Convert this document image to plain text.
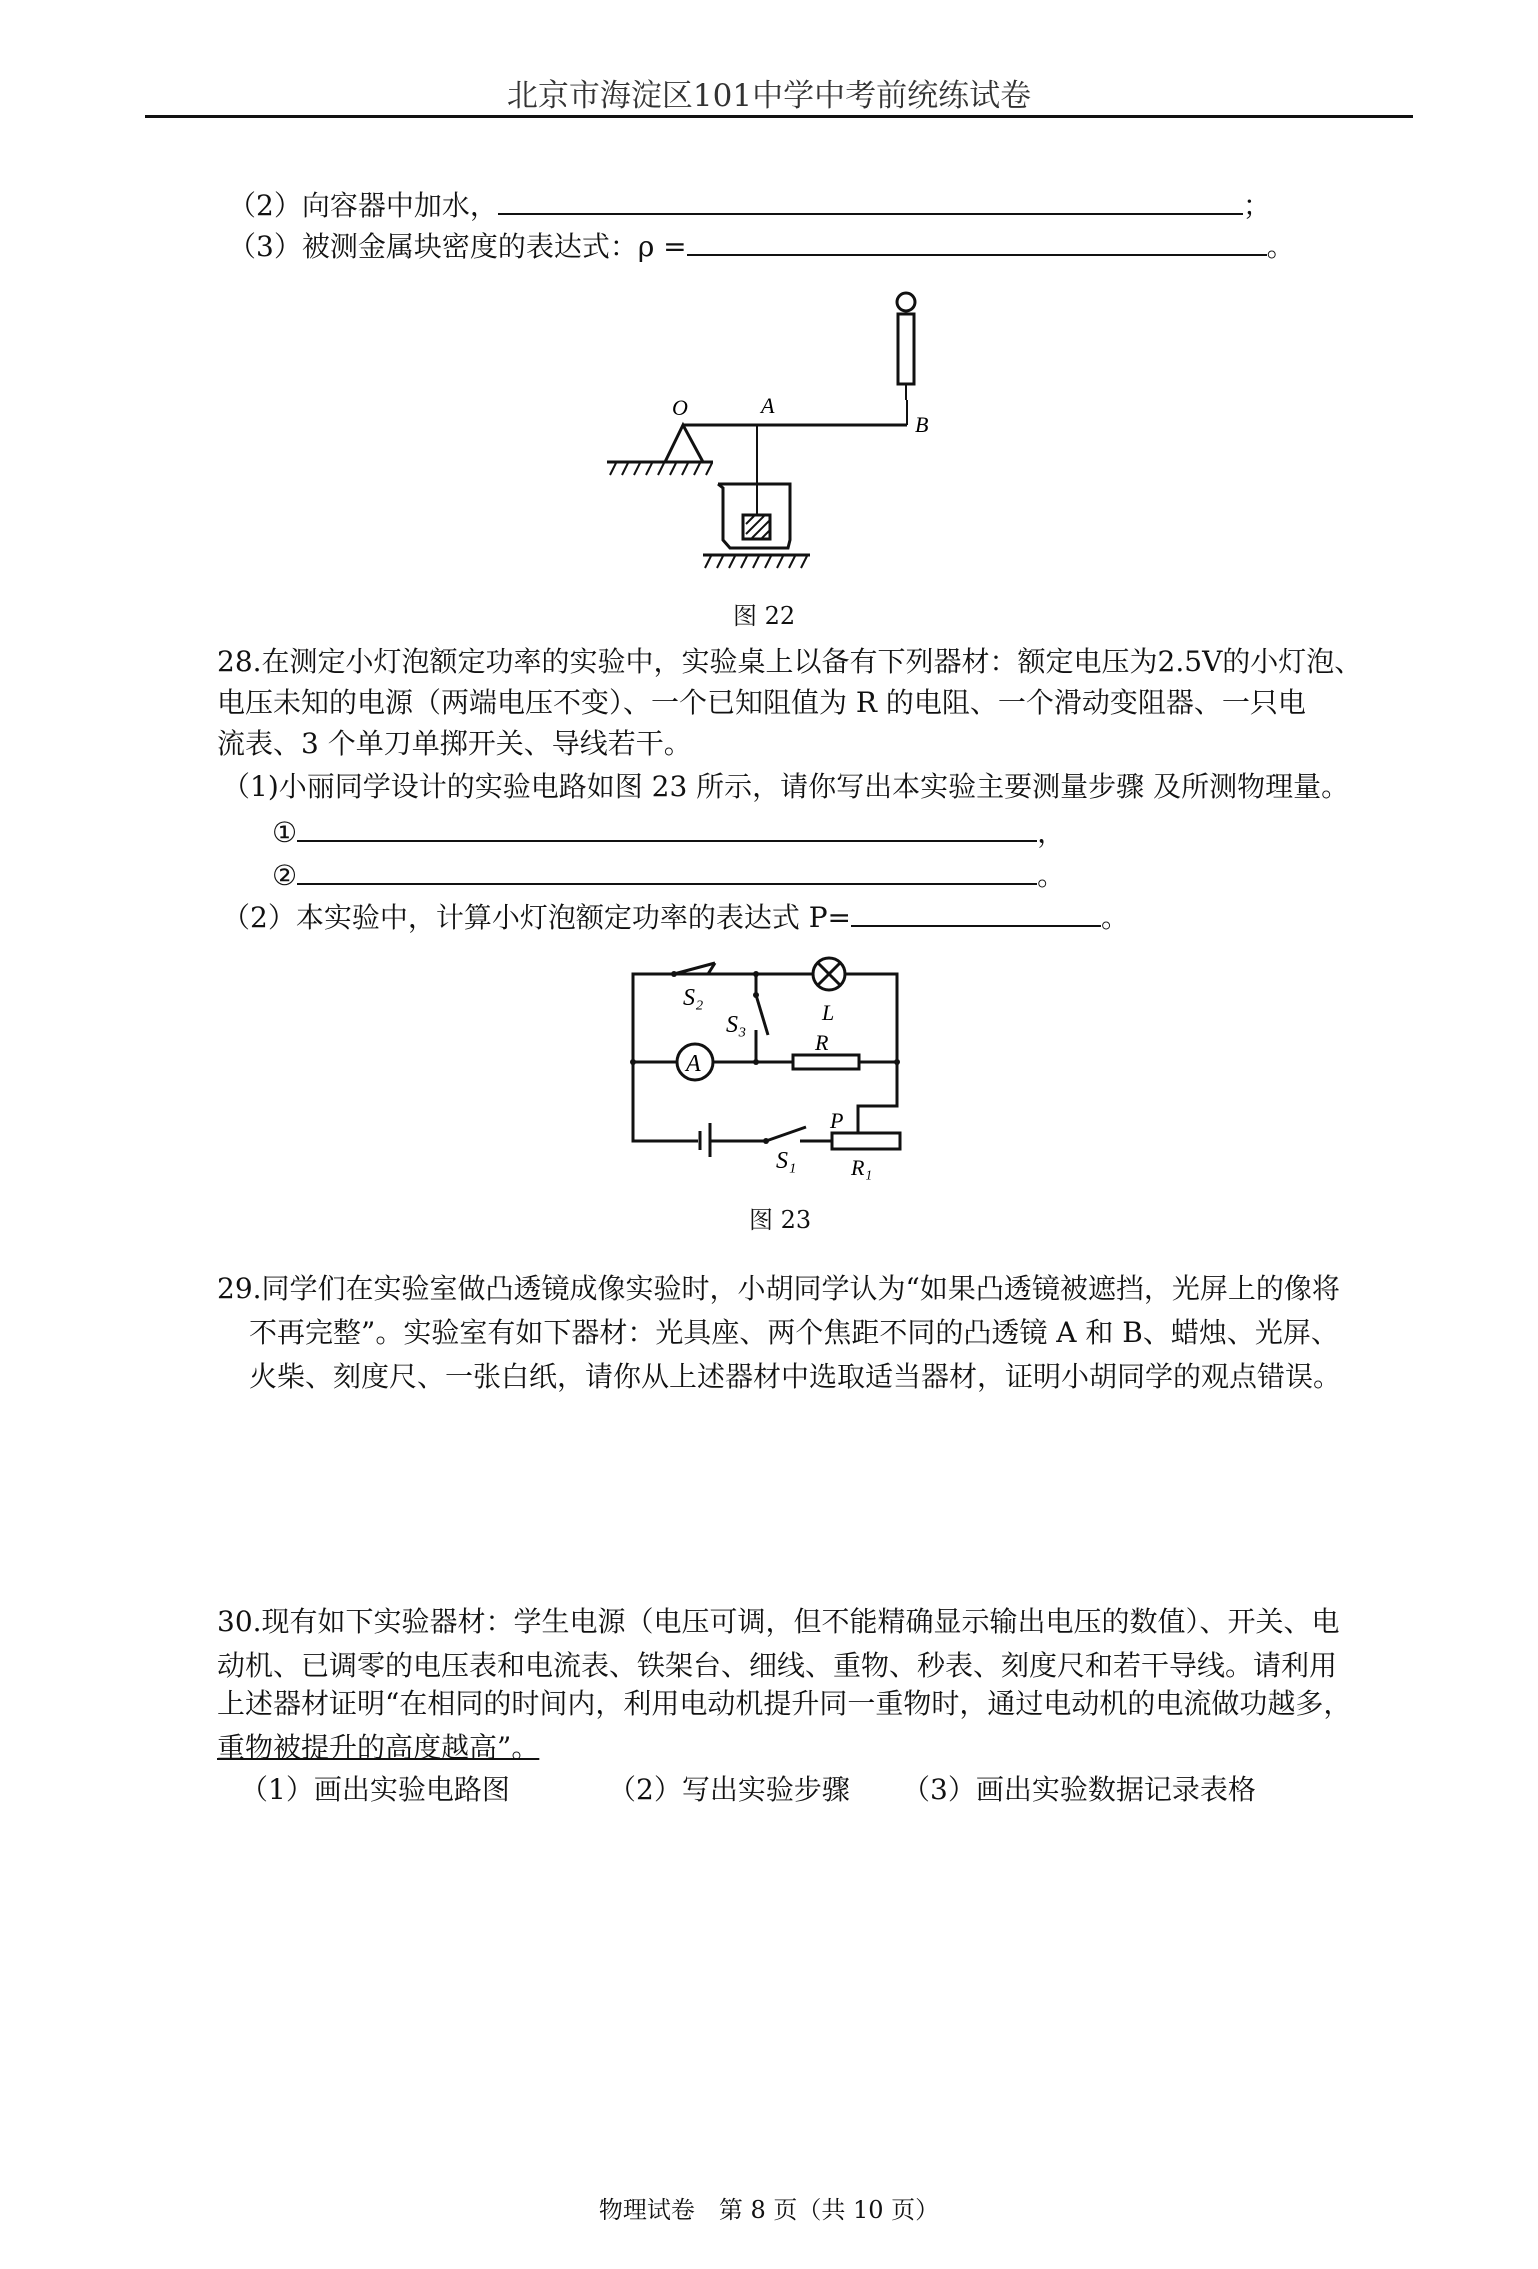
北京市海淀区101中学中考前统练试卷
（2）向容器中加水，	；
（3）被测金属块密度的表达式：ρ =	。
O	A
B
图 22
28.在测定小灯泡额定功率的实验中，实验桌上以备有下列器材：额定电压为2.5V的小灯泡、
电压未知的电源（两端电压不变）、一个已知阻值为 R 的电阻、一个滑动变阻器、一只电
流表、3 个单刀单掷开关、导线若干。
（1)小丽同学设计的实验电路如图 23 所示，请你写出本实验主要测量步骤 及所测物理量。
①	，
②	。
（2）本实验中，计算小灯泡额定功率的表达式 P=	。
S₂
S₃	L
R
A
P
S₁ R₁
图 23
29.同学们在实验室做凸透镜成像实验时，小胡同学认为“如果凸透镜被遮挡，光屏上的像将
不再完整”。实验室有如下器材：光具座、两个焦距不同的凸透镜 A 和 B、蜡烛、光屏、
火柴、刻度尺、一张白纸，请你从上述器材中选取适当器材，证明小胡同学的观点错误。
30.现有如下实验器材：学生电源（电压可调，但不能精确显示输出电压的数值）、开关、电
动机、已调零的电压表和电流表、铁架台、细线、重物、秒表、刻度尺和若干导线。请利用
上述器材证明“在相同的时间内，利用电动机提升同一重物时，通过电动机的电流做功越多，
重物被提升的高度越高”。
（1）画出实验电路图	（2）写出实验步骤 （3）画出实验数据记录表格
物理试卷　第 8 页（共 10 页）
